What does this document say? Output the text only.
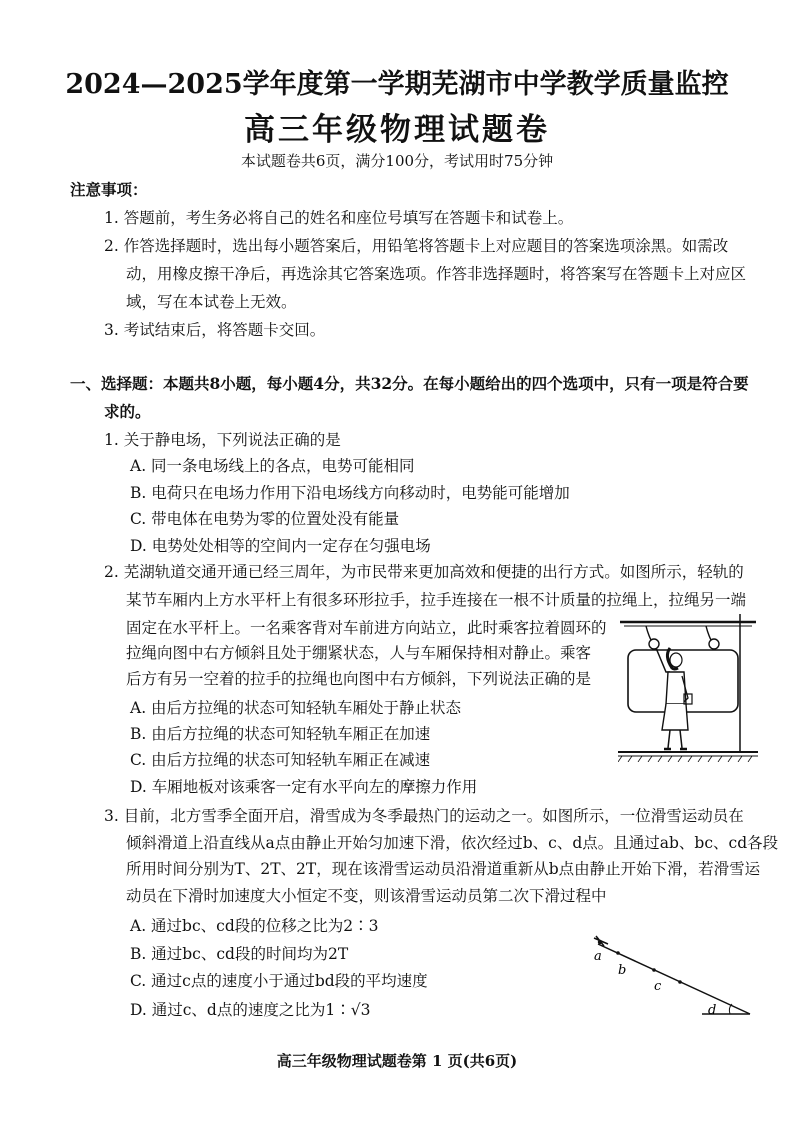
2024—2025学年度第一学期芜湖市中学教学质量监控
高三年级物理试题卷
本试题卷共6页，满分100分，考试用时75分钟
注意事项：
1. 答题前，考生务必将自己的姓名和座位号填写在答题卡和试卷上。
2. 作答选择题时，选出每小题答案后，用铅笔将答题卡上对应题目的答案选项涂黑。如需改
动，用橡皮擦干净后，再选涂其它答案选项。作答非选择题时，将答案写在答题卡上对应区
域，写在本试卷上无效。
3. 考试结束后，将答题卡交回。
一、选择题：本题共8小题，每小题4分，共32分。在每小题给出的四个选项中，只有一项是符合要
求的。
1. 关于静电场，下列说法正确的是
A. 同一条电场线上的各点，电势可能相同
B. 电荷只在电场力作用下沿电场线方向移动时，电势能可能增加
C. 带电体在电势为零的位置处没有能量
D. 电势处处相等的空间内一定存在匀强电场
2. 芜湖轨道交通开通已经三周年，为市民带来更加高效和便捷的出行方式。如图所示，轻轨的
某节车厢内上方水平杆上有很多环形拉手，拉手连接在一根不计质量的拉绳上，拉绳另一端
固定在水平杆上。一名乘客背对车前进方向站立，此时乘客拉着圆环的
拉绳向图中右方倾斜且处于绷紧状态，人与车厢保持相对静止。乘客
后方有另一空着的拉手的拉绳也向图中右方倾斜，下列说法正确的是
A. 由后方拉绳的状态可知轻轨车厢处于静止状态
B. 由后方拉绳的状态可知轻轨车厢正在加速
C. 由后方拉绳的状态可知轻轨车厢正在减速
D. 车厢地板对该乘客一定有水平向左的摩擦力作用
3. 目前，北方雪季全面开启，滑雪成为冬季最热门的运动之一。如图所示，一位滑雪运动员在
倾斜滑道上沿直线从a点由静止开始匀加速下滑，依次经过b、c、d点。且通过ab、bc、cd各段
所用时间分别为T、2T、2T，现在该滑雪运动员沿滑道重新从b点由静止开始下滑，若滑雪运
动员在下滑时加速度大小恒定不变，则该滑雪运动员第二次下滑过程中
A. 通过bc、cd段的位移之比为2∶3
B. 通过bc、cd段的时间均为2T
C. 通过c点的速度小于通过bd段的平均速度
D. 通过c、d点的速度之比为1∶√3
a
b
c
d
高三年级物理试题卷第 1 页(共6页)
